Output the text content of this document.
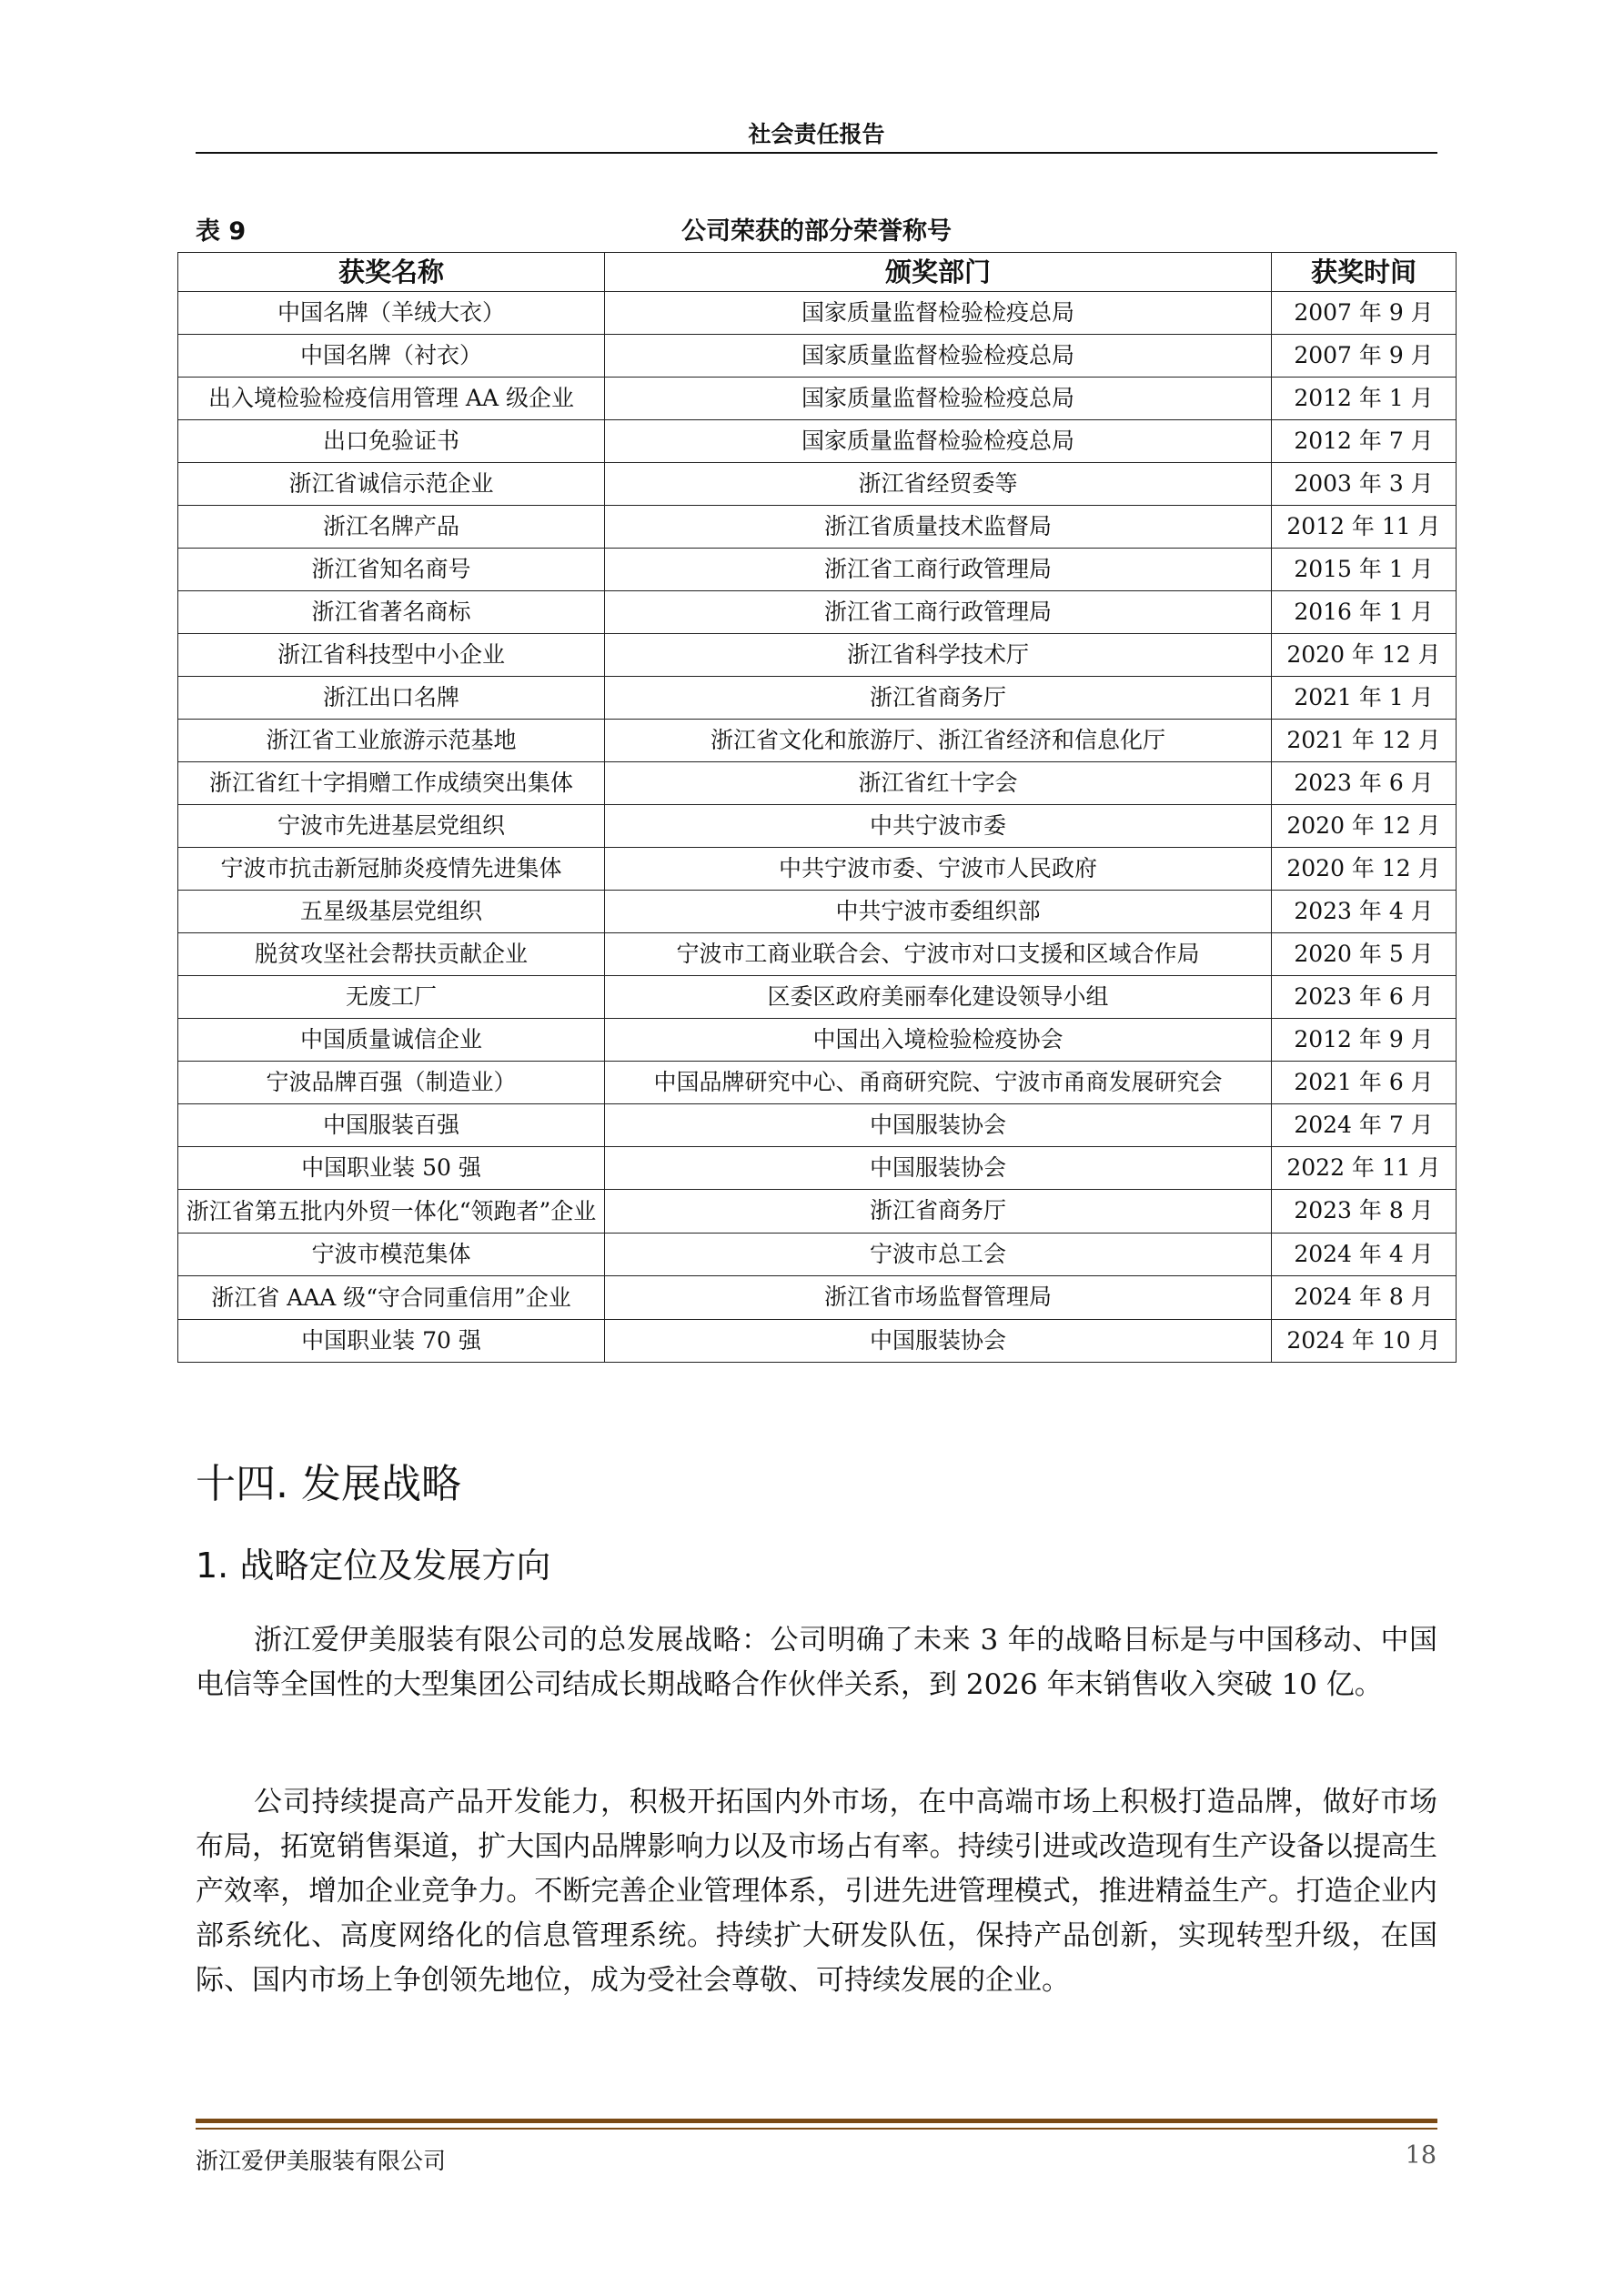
社会责任报告
公司荣获的部分荣誉称号
表 9
获奖名称	颁奖部门	获奖时间
中国名牌（羊绒大衣）	国家质量监督检验检疫总局	2007 年 9 月
中国名牌（衬衣）	国家质量监督检验检疫总局	2007 年 9 月
出入境检验检疫信用管理 AA 级企业	国家质量监督检验检疫总局	2012 年 1 月
出口免验证书	国家质量监督检验检疫总局	2012 年 7 月
浙江省诚信示范企业	浙江省经贸委等	2003 年 3 月
浙江名牌产品	浙江省质量技术监督局	2012 年 11 月
浙江省知名商号	浙江省工商行政管理局	2015 年 1 月
浙江省著名商标	浙江省工商行政管理局	2016 年 1 月
浙江省科技型中小企业	浙江省科学技术厅	2020 年 12 月
浙江出口名牌	浙江省商务厅	2021 年 1 月
浙江省工业旅游示范基地	浙江省文化和旅游厅、浙江省经济和信息化厅	2021 年 12 月
浙江省红十字捐赠工作成绩突出集体	浙江省红十字会	2023 年 6 月
宁波市先进基层党组织	中共宁波市委	2020 年 12 月
宁波市抗击新冠肺炎疫情先进集体	中共宁波市委、宁波市人民政府	2020 年 12 月
五星级基层党组织	中共宁波市委组织部	2023 年 4 月
脱贫攻坚社会帮扶贡献企业	宁波市工商业联合会、宁波市对口支援和区域合作局	2020 年 5 月
无废工厂	区委区政府美丽奉化建设领导小组	2023 年 6 月
中国质量诚信企业	中国出入境检验检疫协会	2012 年 9 月
宁波品牌百强（制造业）	中国品牌研究中心、甬商研究院、宁波市甬商发展研究会	2021 年 6 月
中国服装百强	中国服装协会	2024 年 7 月
中国职业装 50 强	中国服装协会	2022 年 11 月
浙江省第五批内外贸一体化“领跑者”企业	浙江省商务厅	2023 年 8 月
宁波市模范集体	宁波市总工会	2024 年 4 月
浙江省 AAA 级“守合同重信用”企业	浙江省市场监督管理局	2024 年 8 月
中国职业装 70 强	中国服装协会	2024 年 10 月
十四. 发展战略
1. 战略定位及发展方向

浙江爱伊美服装有限公司的总发展战略：公司明确了未来 3 年的战略目标是与中国移动、中国电信等全国性的大型集团公司结成长期战略合作伙伴关系，到 2026 年末销售收入突破 10 亿。

公司持续提高产品开发能力，积极开拓国内外市场，在中高端市场上积极打造品牌，做好市场布局，拓宽销售渠道，扩大国内品牌影响力以及市场占有率。持续引进或改造现有生产设备以提高生产效率，增加企业竞争力。不断完善企业管理体系，引进先进管理模式，推进精益生产。打造企业内部系统化、高度网络化的信息管理系统。持续扩大研发队伍，保持产品创新，实现转型升级，在国际、国内市场上争创领先地位，成为受社会尊敬、可持续发展的企业。

浙江爱伊美服装有限公司	18
